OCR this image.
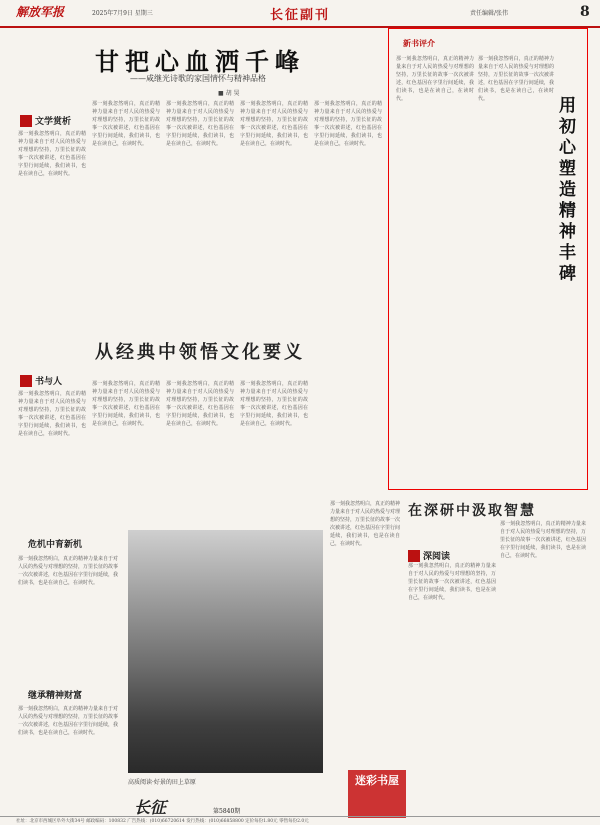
解放军报	2025年7月9日 星期三	长征副刊	责任编辑/张伟	8
甘把心血洒千峰
——咸继光诗歌的家国情怀与精神品格
■ 胡 昊
文学赏析
书与人
深阅读
那一刻我忽然明白，真正的精神力量来自于对人民的热爱与对理想的坚持，万里长征的故事一次次被讲述，红色基因在字里行间延续，我们读书，也是在读自己，在读时代。
那一刻我忽然明白，真正的精神力量来自于对人民的热爱与对理想的坚持，万里长征的故事一次次被讲述，红色基因在字里行间延续，我们读书，也是在读自己，在读时代。
那一刻我忽然明白，真正的精神力量来自于对人民的热爱与对理想的坚持，万里长征的故事一次次被讲述，红色基因在字里行间延续，我们读书，也是在读自己，在读时代。
那一刻我忽然明白，真正的精神力量来自于对人民的热爱与对理想的坚持，万里长征的故事一次次被讲述，红色基因在字里行间延续，我们读书，也是在读自己，在读时代。
那一刻我忽然明白，真正的精神力量来自于对人民的热爱与对理想的坚持，万里长征的故事一次次被讲述，红色基因在字里行间延续，我们读书，也是在读自己，在读时代。
从经典中领悟文化要义
那一刻我忽然明白，真正的精神力量来自于对人民的热爱与对理想的坚持，万里长征的故事一次次被讲述，红色基因在字里行间延续，我们读书，也是在读自己，在读时代。
那一刻我忽然明白，真正的精神力量来自于对人民的热爱与对理想的坚持，万里长征的故事一次次被讲述，红色基因在字里行间延续，我们读书，也是在读自己，在读时代。
那一刻我忽然明白，真正的精神力量来自于对人民的热爱与对理想的坚持，万里长征的故事一次次被讲述，红色基因在字里行间延续，我们读书，也是在读自己，在读时代。
那一刻我忽然明白，真正的精神力量来自于对人民的热爱与对理想的坚持，万里长征的故事一次次被讲述，红色基因在字里行间延续，我们读书，也是在读自己，在读时代。
危机中育新机
那一刻我忽然明白，真正的精神力量来自于对人民的热爱与对理想的坚持，万里长征的故事一次次被讲述，红色基因在字里行间延续，我们读书，也是在读自己，在读时代。
继承精神财富
那一刻我忽然明白，真正的精神力量来自于对人民的热爱与对理想的坚持，万里长征的故事一次次被讲述，红色基因在字里行间延续，我们读书，也是在读自己，在读时代。
高质阅读·好景的田上草原
那一刻我忽然明白，真正的精神力量来自于对人民的热爱与对理想的坚持，万里长征的故事一次次被讲述，红色基因在字里行间延续，我们读书，也是在读自己，在读时代。
新书评介
用初心塑造精神丰碑
那一刻我忽然明白，真正的精神力量来自于对人民的热爱与对理想的坚持，万里长征的故事一次次被讲述，红色基因在字里行间延续，我们读书，也是在读自己，在读时代。
那一刻我忽然明白，真正的精神力量来自于对人民的热爱与对理想的坚持，万里长征的故事一次次被讲述，红色基因在字里行间延续，我们读书，也是在读自己，在读时代。
在深研中汲取智慧
那一刻我忽然明白，真正的精神力量来自于对人民的热爱与对理想的坚持，万里长征的故事一次次被讲述，红色基因在字里行间延续，我们读书，也是在读自己，在读时代。
那一刻我忽然明白，真正的精神力量来自于对人民的热爱与对理想的坚持，万里长征的故事一次次被讲述，红色基因在字里行间延续，我们读书，也是在读自己，在读时代。
长征	第5840期
迷彩书屋
社址：北京市西城区阜外大街34号 邮政编码：100832 广告热线：(010)66720614 发行热线：(010)66858800 定价每份1.80元 零售每份2.0元
